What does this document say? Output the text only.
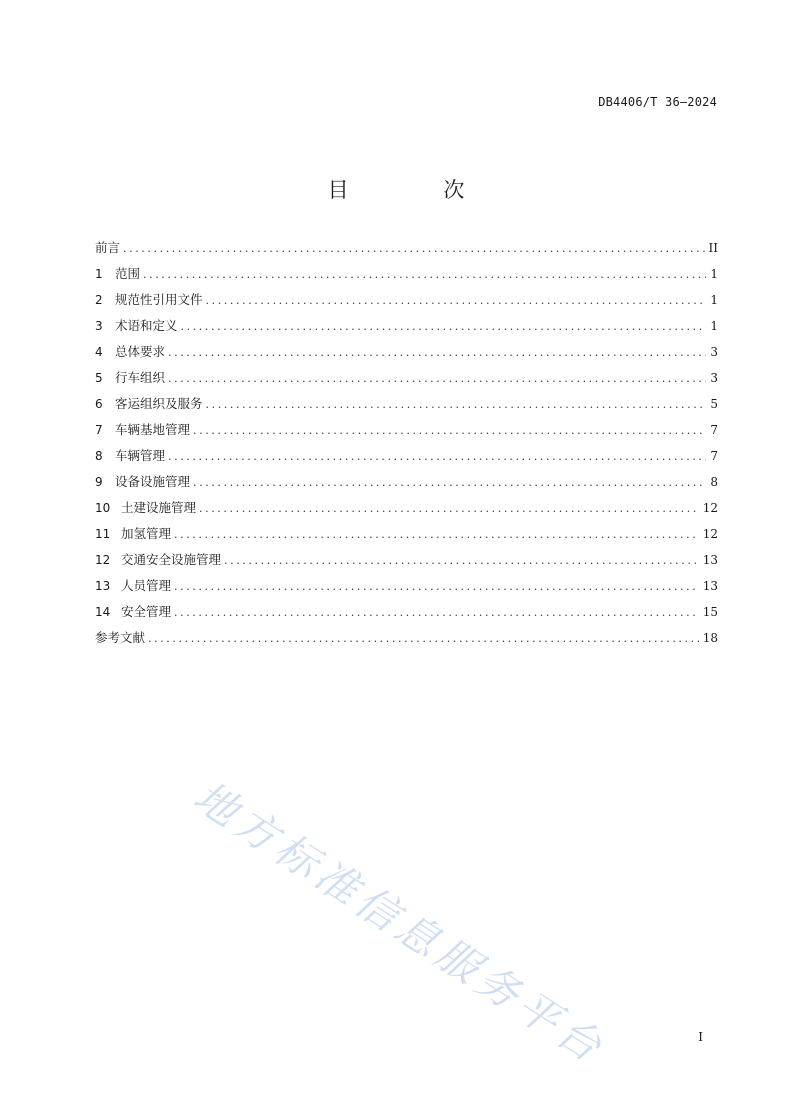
DB4406/T 36—2024
目 次
前言 .....	II
1 范围 .....	1
2 规范性引用文件 .....	1
3 术语和定义 .....	1
4 总体要求 .....	3
5 行车组织 .....	3
6 客运组织及服务 .....	5
7 车辆基地管理 .....	7
8 车辆管理 .....	7
9 设备设施管理 .....	8
10 土建设施管理 .....	12
11 加氢管理 .....	12
12 交通安全设施管理 .....	13
13 人员管理 .....	13
14 安全管理 .....	15
参考文献 .....	18
地方标准信息服务平台	I
